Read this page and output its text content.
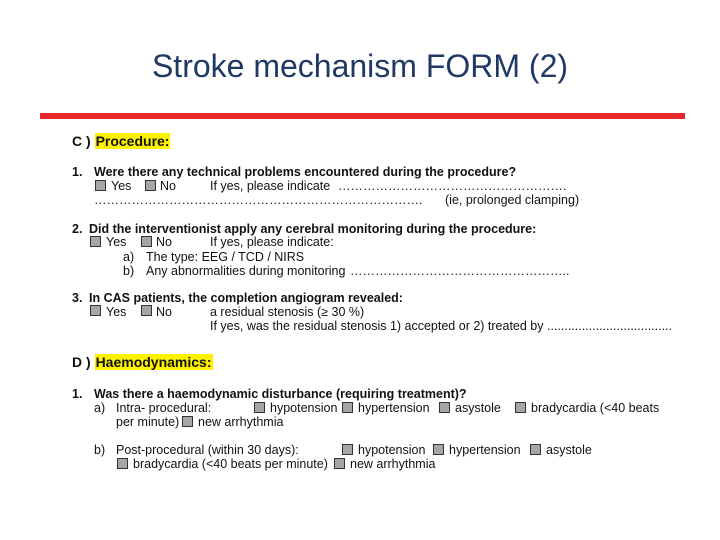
Stroke mechanism FORM (2)
C ) Procedure:
1. Were there any technical problems encountered during the procedure?
Yes No	If yes, please indicate ……………………………………………….
……………………………………………………………………. (ie, prolonged clamping)
2. Did the interventionist apply any cerebral monitoring during the procedure:
Yes No	If yes, please indicate:
a) The type: EEG / TCD / NIRS
b) Any abnormalities during monitoring ……………………………………………..
3. In CAS patients, the completion angiogram revealed:
Yes No	a residual stenosis (≥ 30 %)
If yes, was the residual stenosis 1) accepted or 2) treated by ....................................
D ) Haemodynamics:
1. Was there a haemodynamic disturbance (requiring treatment)?
a) Intra- procedural:	hypotension hypertension asystole bradycardia (<40 beats
per minute) new arrhythmia
b) Post-procedural (within 30 days):	hypotension hypertension asystole
bradycardia (<40 beats per minute) new arrhythmia
